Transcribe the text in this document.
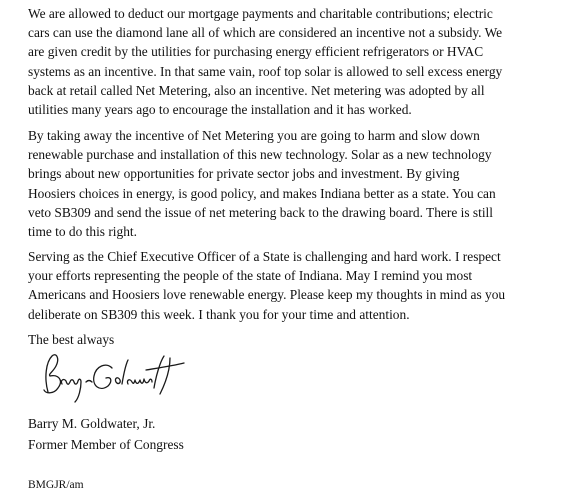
We are allowed to deduct our mortgage payments and charitable contributions; electric
cars can use the diamond lane all of which are considered an incentive not a subsidy. We
are given credit by the utilities for purchasing energy efficient refrigerators or HVAC
systems as an incentive. In that same vain, roof top solar is allowed to sell excess energy
back at retail called Net Metering, also an incentive. Net metering was adopted by all
utilities many years ago to encourage the installation and it has worked.
By taking away the incentive of Net Metering you are going to harm and slow down
renewable purchase and installation of this new technology. Solar as a new technology
brings about new opportunities for private sector jobs and investment. By giving
Hoosiers choices in energy, is good policy, and makes Indiana better as a state. You can
veto SB309 and send the issue of net metering back to the drawing board. There is still
time to do this right.
Serving as the Chief Executive Officer of a State is challenging and hard work. I respect
your efforts representing the people of the state of Indiana. May I remind you most
Americans and Hoosiers love renewable energy. Please keep my thoughts in mind as you
deliberate on SB309 this week. I thank you for your time and attention.

The best always

Barry M. Goldwater, Jr.

Former Member of Congress

BMGJR/am
